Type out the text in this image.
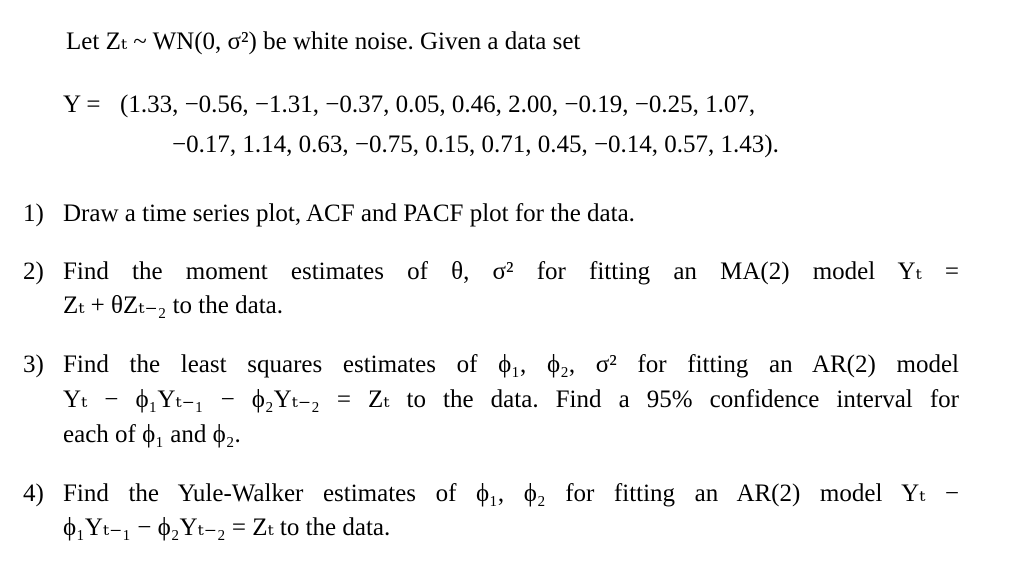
Let Zₜ ~ WN(0, σ²) be white noise. Given a data set
Y = (1.33, −0.56, −1.31, −0.37, 0.05, 0.46, 2.00, −0.19, −0.25, 1.07,
−0.17, 1.14, 0.63, −0.75, 0.15, 0.71, 0.45, −0.14, 0.57, 1.43).
1) Draw a time series plot, ACF and PACF plot for the data.
2) Find the moment estimates of θ, σ² for fitting an MA(2) model Yₜ =
Zₜ + θZₜ₋₂ to the data.
3) Find the least squares estimates of ϕ₁, ϕ₂, σ² for fitting an AR(2) model
Yₜ − ϕ₁Yₜ₋₁ − ϕ₂Yₜ₋₂ = Zₜ to the data. Find a 95% confidence interval for
each of ϕ₁ and ϕ₂.
4) Find the Yule-Walker estimates of ϕ₁, ϕ₂ for fitting an AR(2) model Yₜ −
ϕ₁Yₜ₋₁ − ϕ₂Yₜ₋₂ = Zₜ to the data.
